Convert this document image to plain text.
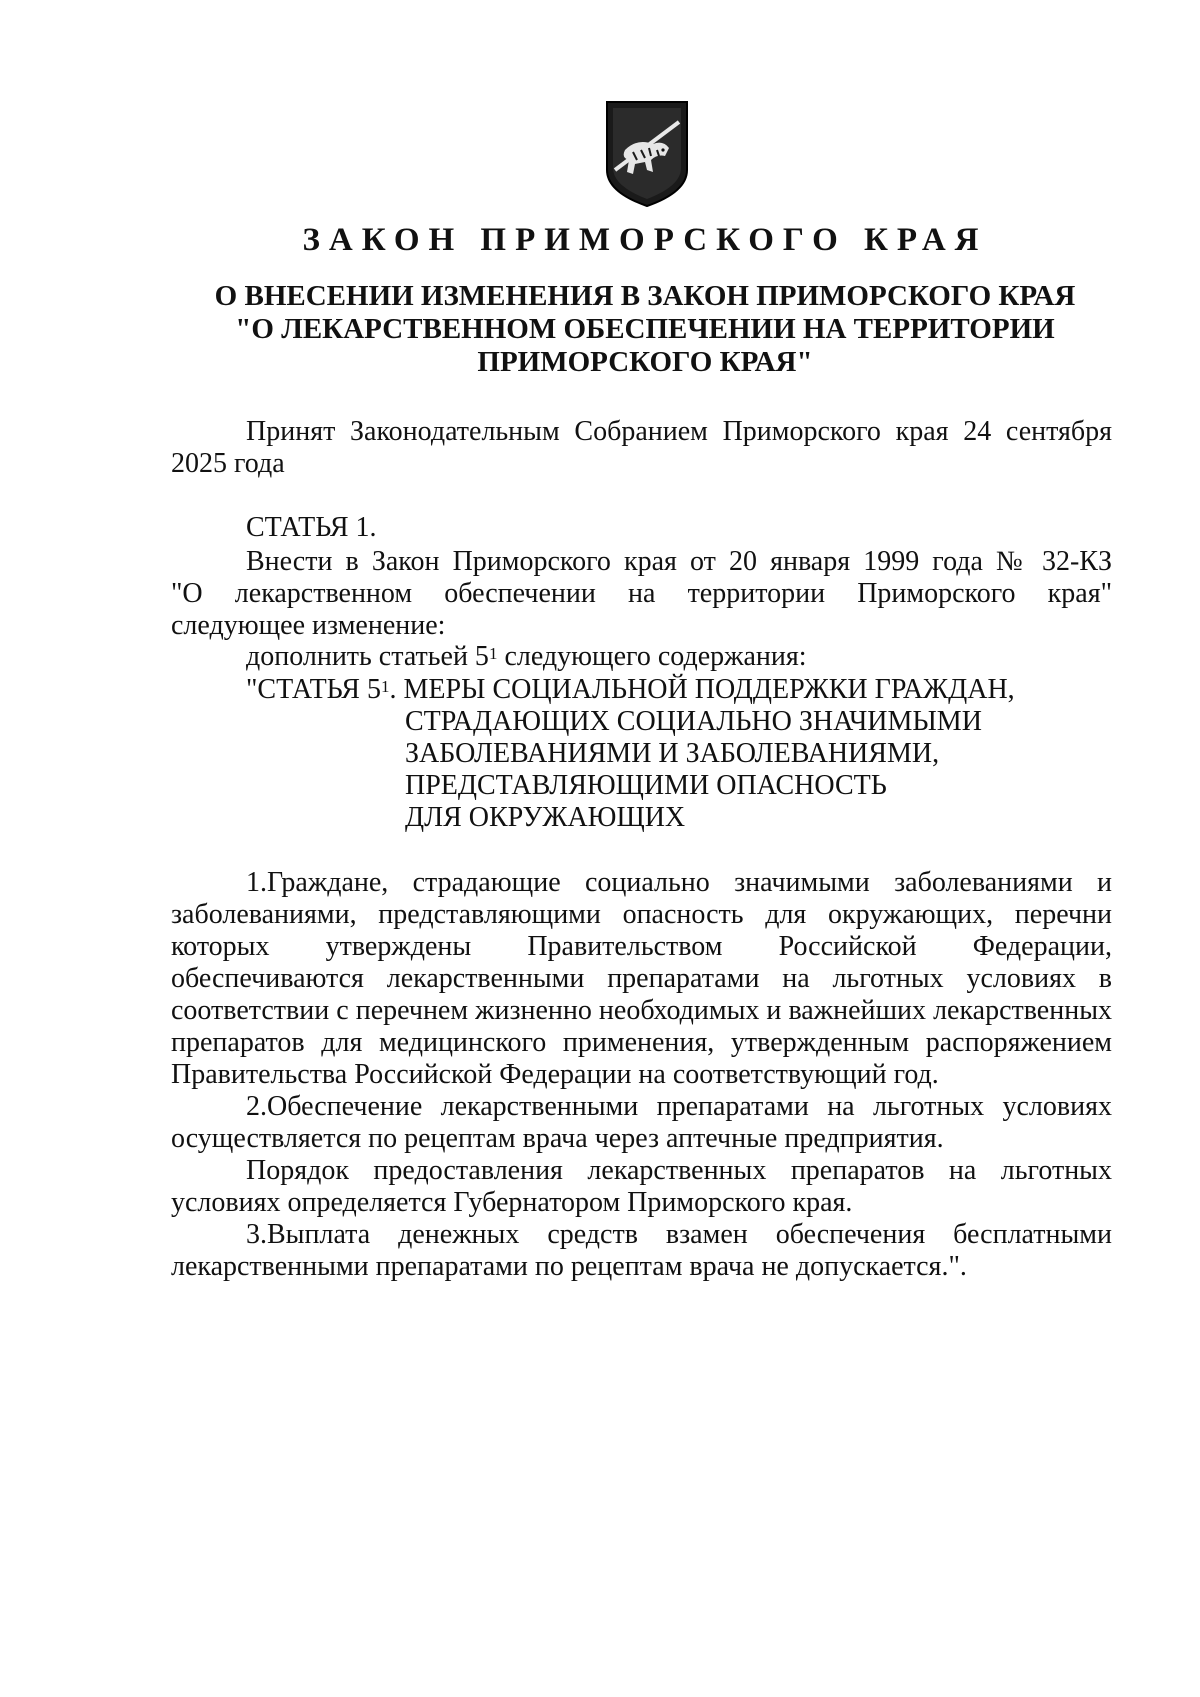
ЗАКОН ПРИМОРСКОГО КРАЯ
О ВНЕСЕНИИ ИЗМЕНЕНИЯ В ЗАКОН ПРИМОРСКОГО КРАЯ
"О ЛЕКАРСТВЕННОМ ОБЕСПЕЧЕНИИ НА ТЕРРИТОРИИ
ПРИМОРСКОГО КРАЯ"

Принят Законодательным Собранием Приморского края 24 сентября

2025 года

СТАТЬЯ 1.

Внести в Закон Приморского края от 20 января 1999 года № 32-КЗ

"О лекарственном обеспечении на территории Приморского края"

следующее изменение:

дополнить статьей $5^1$ следующего содержания:

"СТАТЬЯ $5^1$. МЕРЫ СОЦИАЛЬНОЙ ПОДДЕРЖКИ ГРАЖДАН,

СТРАДАЮЩИХ СОЦИАЛЬНО ЗНАЧИМЫМИ
ЗАБОЛЕВАНИЯМИ И ЗАБОЛЕВАНИЯМИ,
ПРЕДСТАВЛЯЮЩИМИ ОПАСНОСТЬ
ДЛЯ ОКРУЖАЮЩИХ

1.Граждане, страдающие социально значимыми заболеваниями и заболеваниями, представляющими опасность для окружающих, перечни которых утверждены Правительством Российской Федерации, обеспечиваются лекарственными препаратами на льготных условиях в соответствии с перечнем жизненно необходимых и важнейших лекарственных препаратов для медицинского применения, утвержденным распоряжением Правительства Российской Федерации на соответствующий год.

2.Обеспечение лекарственными препаратами на льготных условиях осуществляется по рецептам врача через аптечные предприятия.

Порядок предоставления лекарственных препаратов на льготных условиях определяется Губернатором Приморского края.

3.Выплата денежных средств взамен обеспечения бесплатными лекарственными препаратами по рецептам врача не допускается.".
